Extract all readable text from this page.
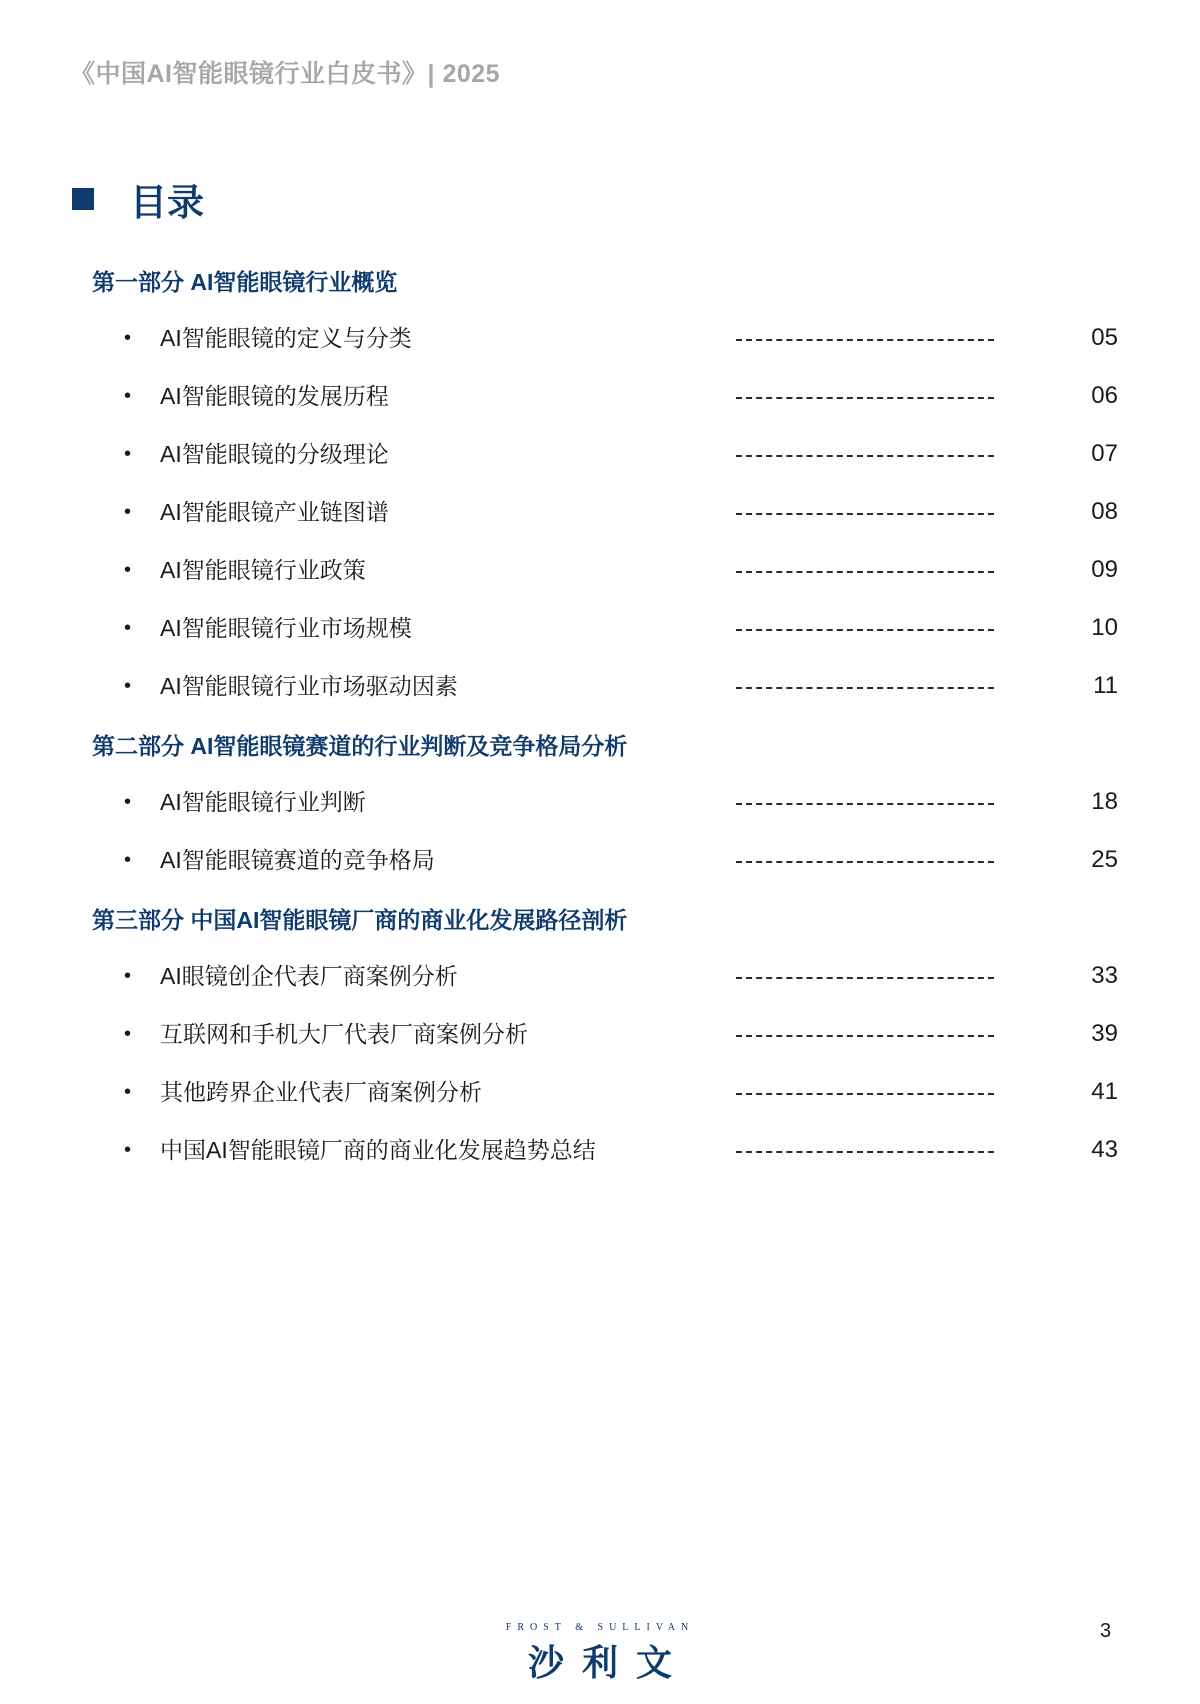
《中国AI智能眼镜行业白皮书》| 2025
目录
第一部分 AI智能眼镜行业概览
• AI智能眼镜的定义与分类	05
• AI智能眼镜的发展历程	06
• AI智能眼镜的分级理论	07
• AI智能眼镜产业链图谱	08
• AI智能眼镜行业政策	09
• AI智能眼镜行业市场规模	10
• AI智能眼镜行业市场驱动因素	11
第二部分 AI智能眼镜赛道的行业判断及竞争格局分析
• AI智能眼镜行业判断	18
• AI智能眼镜赛道的竞争格局	25
第三部分 中国AI智能眼镜厂商的商业化发展路径剖析
• AI眼镜创企代表厂商案例分析	33
• 互联网和手机大厂代表厂商案例分析	39
• 其他跨界企业代表厂商案例分析	41
• 中国AI智能眼镜厂商的商业化发展趋势总结	43
FROST & SULLIVAN
沙利文
3
